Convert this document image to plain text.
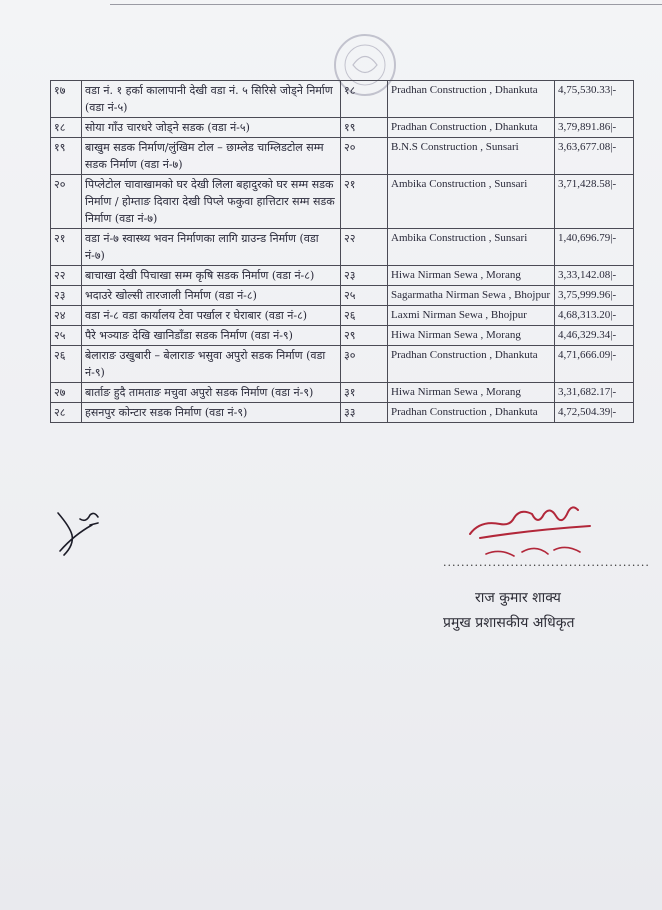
१७	वडा नं. १ हर्का कालापानी देखी वडा नं. ५ सिरिसे जोड्ने निर्माण (वडा नं-५)	१८	Pradhan Construction , Dhankuta	4,75,530.33|-
१८	सोया गाँउ चारधरे जोड्ने सडक (वडा नं-५)	१९	Pradhan Construction , Dhankuta	3,79,891.86|-
१९	बाखुम सडक निर्माण/लुंखिम टोल – छाम्लेड चाम्लिडटोल सम्म सडक निर्माण (वडा नं-७)	२०	B.N.S Construction , Sunsari	3,63,677.08|-
२०	पिप्लेटोल चावाखामको घर देखी लिला बहादुरको घर सम्म सडक निर्माण / होम्ताङ दिवारा देखी पिप्ले फकुवा हात्तिटार सम्म सडक निर्माण (वडा नं-७)	२१	Ambika Construction , Sunsari	3,71,428.58|-
२१	वडा नं-७ स्वास्थ्य भवन निर्माणका लागि ग्राउन्ड निर्माण (वडा नं-७)	२२	Ambika Construction , Sunsari	1,40,696.79|-
२२	बाचाखा देखी पिचाखा सम्म कृषि सडक निर्माण (वडा नं-८)	२३	Hiwa Nirman Sewa , Morang	3,33,142.08|-
२३	भदाउरे खोल्सी तारजाली निर्माण (वडा नं-८)	२५	Sagarmatha Nirman Sewa , Bhojpur	3,75,999.96|-
२४	वडा नं-८ वडा कार्यालय टेवा पर्खाल र घेराबार (वडा नं-८)	२६	Laxmi Nirman Sewa , Bhojpur	4,68,313.20|-
२५	पैरे भञ्याङ देखि खानिडाँडा सडक निर्माण (वडा नं-९)	२९	Hiwa Nirman Sewa , Morang	4,46,329.34|-
२६	बेलाराङ उखुबारी – बेलाराङ भसुवा अपुरो सडक निर्माण (वडा नं-९)	३०	Pradhan Construction , Dhankuta	4,71,666.09|-
२७	बार्ताङ हुदै तामताङ मचुवा अपुरो सडक निर्माण (वडा नं-९)	३१	Hiwa Nirman Sewa , Morang	3,31,682.17|-
२८	हसनपुर कोन्टार सडक निर्माण (वडा नं-९)	३३	Pradhan Construction , Dhankuta	4,72,504.39|-
..............................................
राज कुमार शाक्य
प्रमुख प्रशासकीय अधिकृत
